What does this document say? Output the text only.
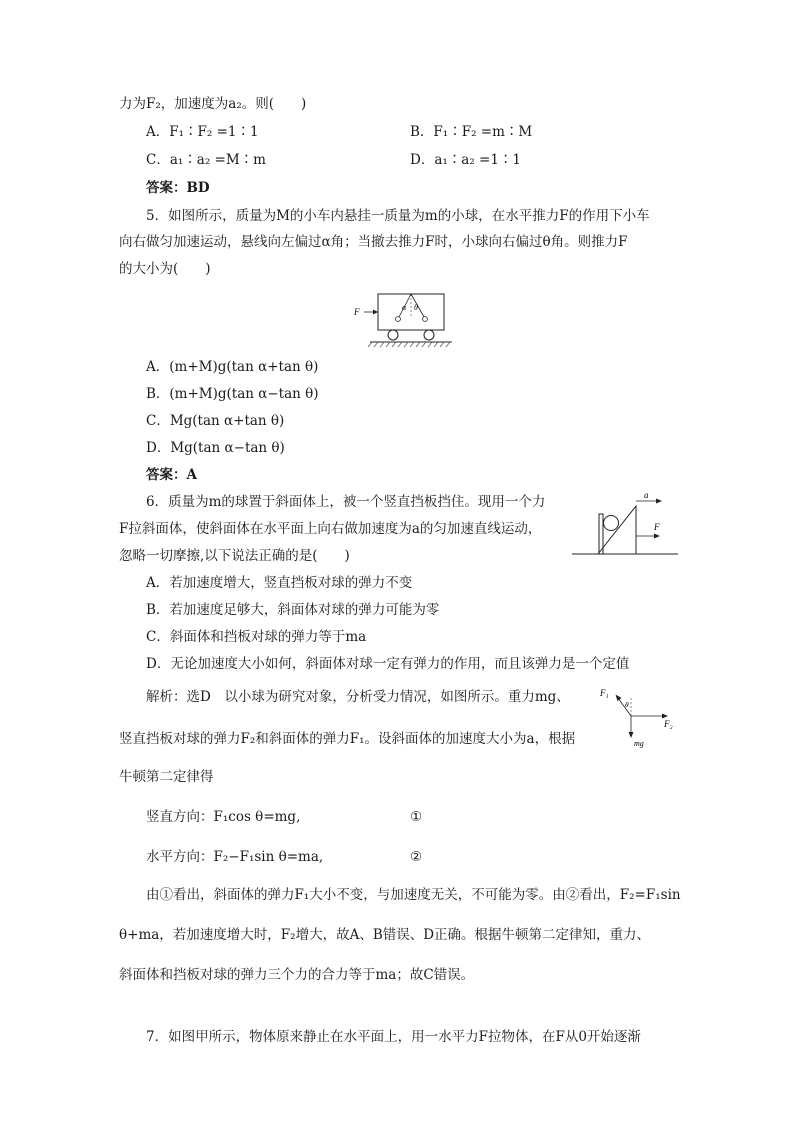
力为F₂，加速度为a₂。则(　　)
A．F₁∶F₂ =1∶1	B．F₁∶F₂ =m∶M
C．a₁∶a₂ =M∶m	D．a₁∶a₂ =1∶1
答案：BD
5．如图所示，质量为M的小车内悬挂一质量为m的小球，在水平推力F的作用下小车
向右做匀加速运动，悬线向左偏过α角；当撤去推力F时，小球向右偏过θ角。则推力F
的大小为(　　)
F	α θ
A．(m+M)g(tan α+tan θ)
B．(m+M)g(tan α−tan θ)
C．Mg(tan α+tan θ)
D．Mg(tan α−tan θ)
答案：A
6．质量为m的球置于斜面体上，被一个竖直挡板挡住。现用一个力
F拉斜面体，使斜面体在水平面上向右做加速度为a的匀加速直线运动，
忽略一切摩擦,以下说法正确的是(　　)
a
F
A．若加速度增大，竖直挡板对球的弹力不变
B．若加速度足够大，斜面体对球的弹力可能为零
C．斜面体和挡板对球的弹力等于ma
D．无论加速度大小如何，斜面体对球一定有弹力的作用，而且该弹力是一个定值
解析：选D　以小球为研究对象，分析受力情况，如图所示。重力mg、
竖直挡板对球的弹力F₂和斜面体的弹力F₁。设斜面体的加速度大小为a，根据
牛顿第二定律得
F₁
θ
F₂
mg
竖直方向：F₁cos θ=mg,	①
水平方向：F₂−F₁sin θ=ma,	②
由①看出，斜面体的弹力F₁大小不变，与加速度无关，不可能为零。由②看出，F₂=F₁sin
θ+ma，若加速度增大时，F₂增大，故A、B错误、D正确。根据牛顿第二定律知，重力、
斜面体和挡板对球的弹力三个力的合力等于ma；故C错误。
7．如图甲所示，物体原来静止在水平面上，用一水平力F拉物体，在F从0开始逐渐
